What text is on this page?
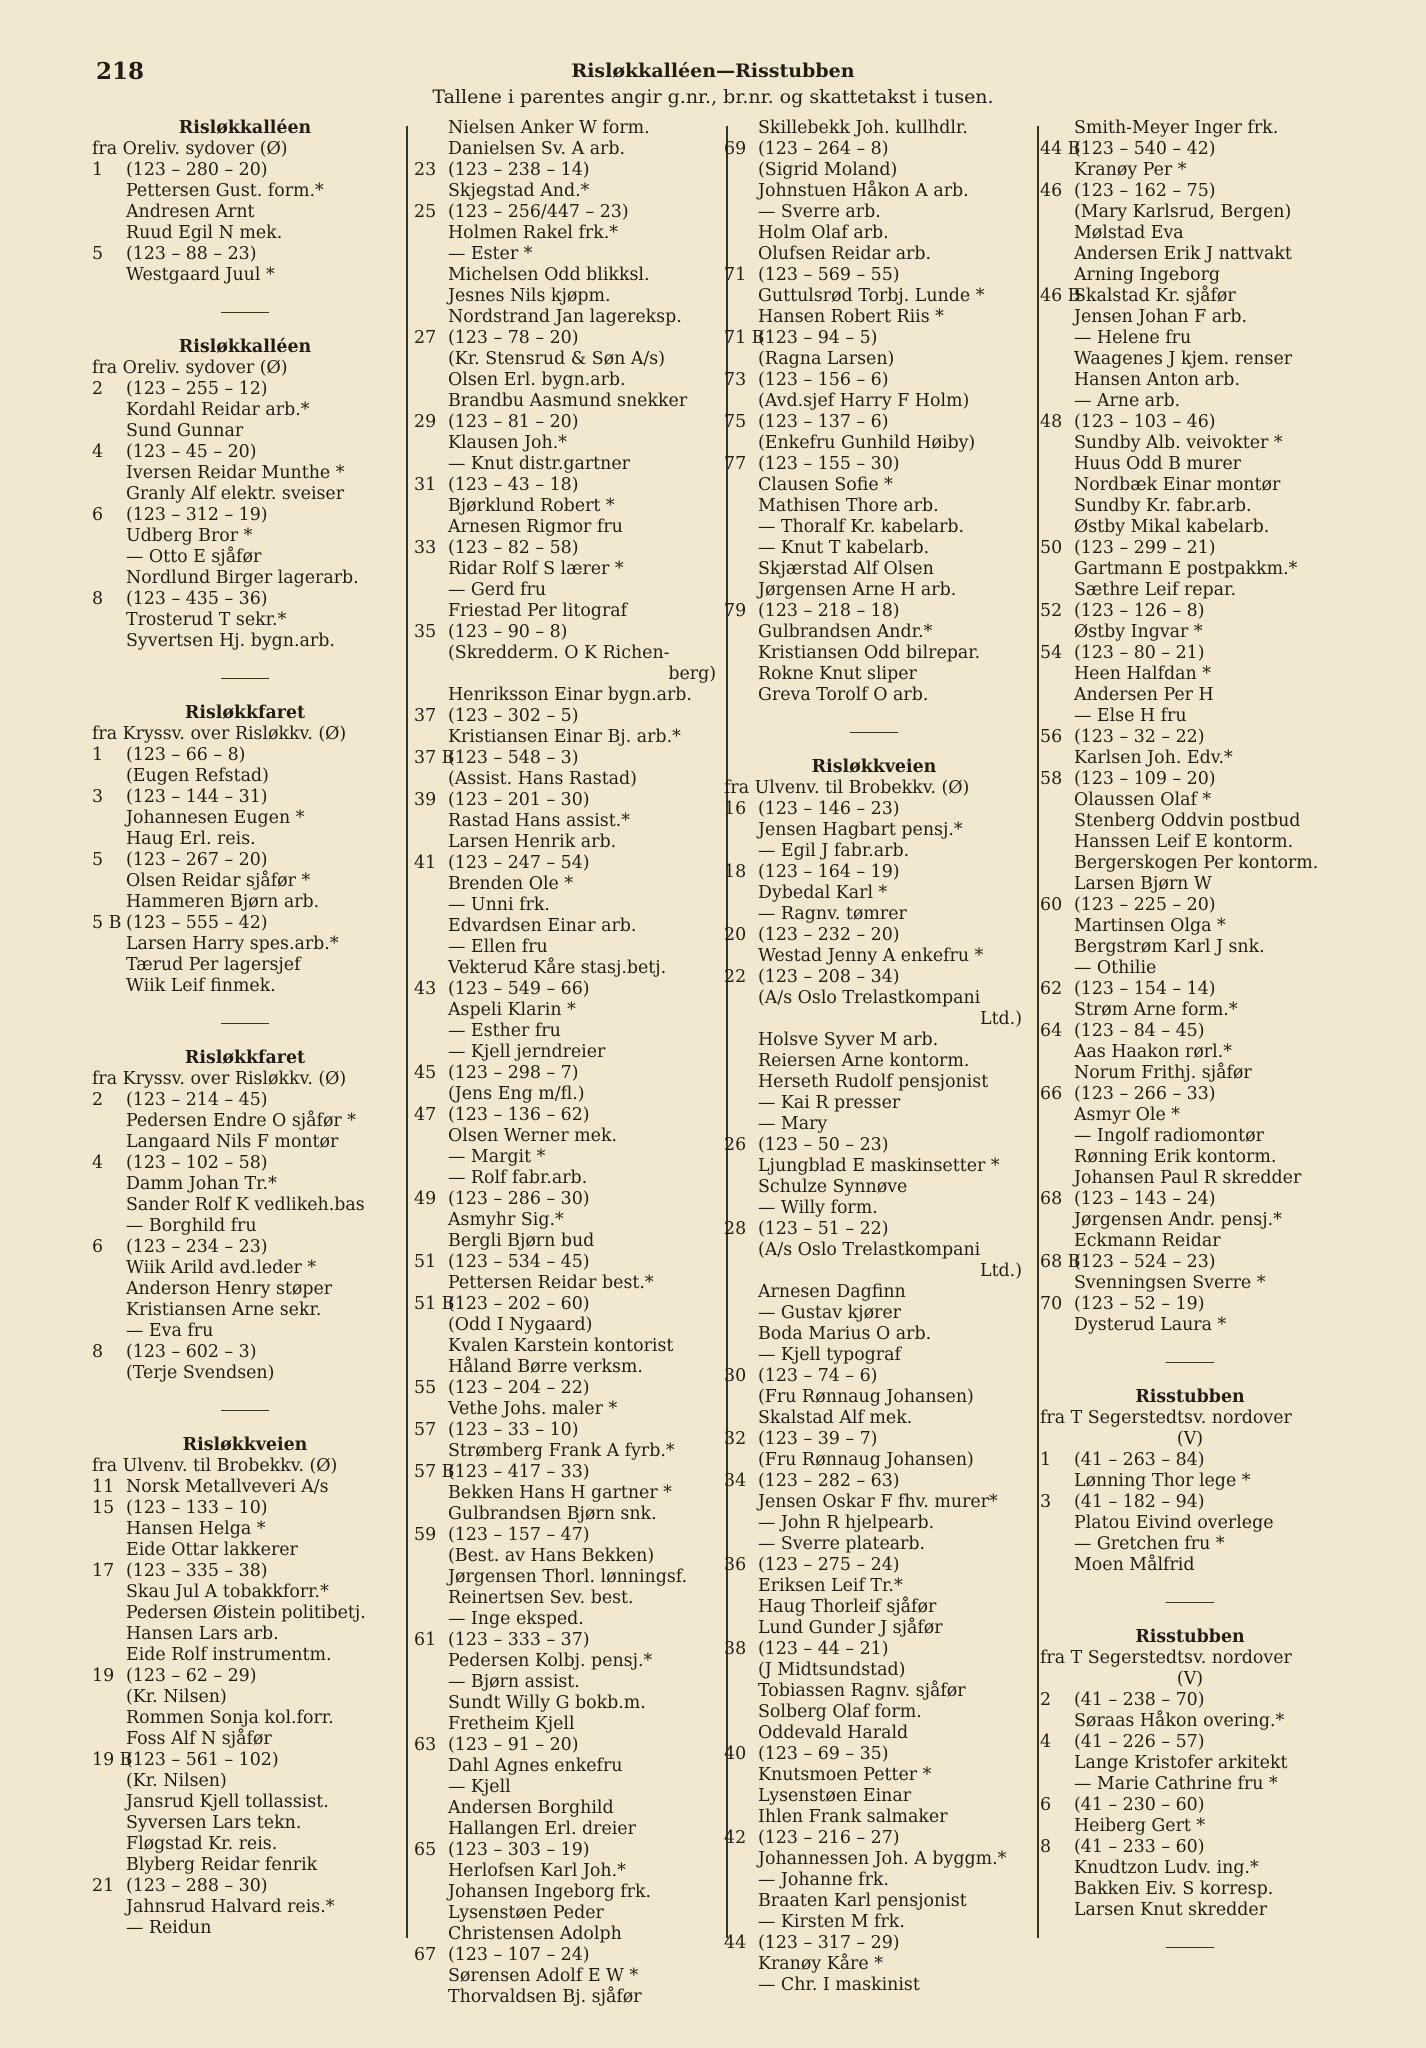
218	Risløkkalléen—Risstubben
Tallene i parentes angir g.nr., br.nr. og skattetakst i tusen.
Risløkkalléen
fra Oreliv. sydover (Ø)
1 (123 – 280 – 20)
Pettersen Gust. form.*
Andresen Arnt
Ruud Egil N mek.
5 (123 – 88 – 23)
Westgaard Juul *
Risløkkalléen
fra Oreliv. sydover (Ø)
2 (123 – 255 – 12)
Kordahl Reidar arb.*
Sund Gunnar
4 (123 – 45 – 20)
Iversen Reidar Munthe *
Granly Alf elektr. sveiser
6 (123 – 312 – 19)
Udberg Bror *
— Otto E sjåfør
Nordlund Birger lagerarb.
8 (123 – 435 – 36)
Trosterud T sekr.*
Syvertsen Hj. bygn.arb.
Risløkkfaret
fra Kryssv. over Risløkkv. (Ø)
1 (123 – 66 – 8)
(Eugen Refstad)
3 (123 – 144 – 31)
Johannesen Eugen *
Haug Erl. reis.
5 (123 – 267 – 20)
Olsen Reidar sjåfør *
Hammeren Bjørn arb.
5 B (123 – 555 – 42)
Larsen Harry spes.arb.*
Tærud Per lagersjef
Wiik Leif finmek.
Risløkkfaret
fra Kryssv. over Risløkkv. (Ø)
2 (123 – 214 – 45)
Pedersen Endre O sjåfør *
Langaard Nils F montør
4 (123 – 102 – 58)
Damm Johan Tr.*
Sander Rolf K vedlikeh.bas
— Borghild fru
6 (123 – 234 – 23)
Wiik Arild avd.leder *
Anderson Henry støper
Kristiansen Arne sekr.
— Eva fru
8 (123 – 602 – 3)
(Terje Svendsen)
Risløkkveien
fra Ulvenv. til Brobekkv. (Ø)
11 Norsk Metallveveri A/s
15 (123 – 133 – 10)
Hansen Helga *
Eide Ottar lakkerer
17 (123 – 335 – 38)
Skau Jul A tobakkforr.*
Pedersen Øistein politibetj.
Hansen Lars arb.
Eide Rolf instrumentm.
19 (123 – 62 – 29)
(Kr. Nilsen)
Rommen Sonja kol.forr.
Foss Alf N sjåfør
19 B(123 – 561 – 102)
(Kr. Nilsen)
Jansrud Kjell tollassist.
Syversen Lars tekn.
Fløgstad Kr. reis.
Blyberg Reidar fenrik
21 (123 – 288 – 30)
Jahnsrud Halvard reis.*
— Reidun
Nielsen Anker W form.
Danielsen Sv. A arb.
23 (123 – 238 – 14)
Skjegstad And.*
25 (123 – 256/447 – 23)
Holmen Rakel frk.*
— Ester *
Michelsen Odd blikksl.
Jesnes Nils kjøpm.
Nordstrand Jan lagereksp.
27 (123 – 78 – 20)
(Kr. Stensrud & Søn A/s)
Olsen Erl. bygn.arb.
Brandbu Aasmund snekker
29 (123 – 81 – 20)
Klausen Joh.*
— Knut distr.gartner
31 (123 – 43 – 18)
Bjørklund Robert *
Arnesen Rigmor fru
33 (123 – 82 – 58)
Ridar Rolf S lærer *
— Gerd fru
Friestad Per litograf
35 (123 – 90 – 8)
(Skredderm. O K Richen-
berg)
Henriksson Einar bygn.arb.
37 (123 – 302 – 5)
Kristiansen Einar Bj. arb.*
37 B(123 – 548 – 3)
(Assist. Hans Rastad)
39 (123 – 201 – 30)
Rastad Hans assist.*
Larsen Henrik arb.
41 (123 – 247 – 54)
Brenden Ole *
— Unni frk.
Edvardsen Einar arb.
— Ellen fru
Vekterud Kåre stasj.betj.
43 (123 – 549 – 66)
Aspeli Klarin *
— Esther fru
— Kjell jerndreier
45 (123 – 298 – 7)
(Jens Eng m/fl.)
47 (123 – 136 – 62)
Olsen Werner mek.
— Margit *
— Rolf fabr.arb.
49 (123 – 286 – 30)
Asmyhr Sig.*
Bergli Bjørn bud
51 (123 – 534 – 45)
Pettersen Reidar best.*
51 B(123 – 202 – 60)
(Odd I Nygaard)
Kvalen Karstein kontorist
Håland Børre verksm.
55 (123 – 204 – 22)
Vethe Johs. maler *
57 (123 – 33 – 10)
Strømberg Frank A fyrb.*
57 B(123 – 417 – 33)
Bekken Hans H gartner *
Gulbrandsen Bjørn snk.
59 (123 – 157 – 47)
(Best. av Hans Bekken)
Jørgensen Thorl. lønningsf.
Reinertsen Sev. best.
— Inge eksped.
61 (123 – 333 – 37)
Pedersen Kolbj. pensj.*
— Bjørn assist.
Sundt Willy G bokb.m.
Fretheim Kjell
63 (123 – 91 – 20)
Dahl Agnes enkefru
— Kjell
Andersen Borghild
Hallangen Erl. dreier
65 (123 – 303 – 19)
Herlofsen Karl Joh.*
Johansen Ingeborg frk.
Lysenstøen Peder
Christensen Adolph
67 (123 – 107 – 24)
Sørensen Adolf E W *
Thorvaldsen Bj. sjåfør
Skillebekk Joh. kullhdlr.
69 (123 – 264 – 8)
(Sigrid Moland)
Johnstuen Håkon A arb.
— Sverre arb.
Holm Olaf arb.
Olufsen Reidar arb.
71 (123 – 569 – 55)
Guttulsrød Torbj. Lunde *
Hansen Robert Riis *
71 B(123 – 94 – 5)
(Ragna Larsen)
73 (123 – 156 – 6)
(Avd.sjef Harry F Holm)
75 (123 – 137 – 6)
(Enkefru Gunhild Høiby)
77 (123 – 155 – 30)
Clausen Sofie *
Mathisen Thore arb.
— Thoralf Kr. kabelarb.
— Knut T kabelarb.
Skjærstad Alf Olsen
Jørgensen Arne H arb.
79 (123 – 218 – 18)
Gulbrandsen Andr.*
Kristiansen Odd bilrepar.
Rokne Knut sliper
Greva Torolf O arb.
Risløkkveien
fra Ulvenv. til Brobekkv. (Ø)
16 (123 – 146 – 23)
Jensen Hagbart pensj.*
— Egil J fabr.arb.
18 (123 – 164 – 19)
Dybedal Karl *
— Ragnv. tømrer
20 (123 – 232 – 20)
Westad Jenny A enkefru *
22 (123 – 208 – 34)
(A/s Oslo Trelastkompani
Ltd.)
Holsve Syver M arb.
Reiersen Arne kontorm.
Herseth Rudolf pensjonist
— Kai R presser
— Mary
26 (123 – 50 – 23)
Ljungblad E maskinsetter *
Schulze Synnøve
— Willy form.
28 (123 – 51 – 22)
(A/s Oslo Trelastkompani
Ltd.)
Arnesen Dagfinn
— Gustav kjører
Boda Marius O arb.
— Kjell typograf
30 (123 – 74 – 6)
(Fru Rønnaug Johansen)
Skalstad Alf mek.
32 (123 – 39 – 7)
(Fru Rønnaug Johansen)
34 (123 – 282 – 63)
Jensen Oskar F fhv. murer*
— John R hjelpearb.
— Sverre platearb.
36 (123 – 275 – 24)
Eriksen Leif Tr.*
Haug Thorleif sjåfør
Lund Gunder J sjåfør
38 (123 – 44 – 21)
(J Midtsundstad)
Tobiassen Ragnv. sjåfør
Solberg Olaf form.
Oddevald Harald
40 (123 – 69 – 35)
Knutsmoen Petter *
Lysenstøen Einar
Ihlen Frank salmaker
42 (123 – 216 – 27)
Johannessen Joh. A byggm.*
— Johanne frk.
Braaten Karl pensjonist
— Kirsten M frk.
44 (123 – 317 – 29)
Kranøy Kåre *
— Chr. I maskinist
Smith-Meyer Inger frk.
44 B(123 – 540 – 42)
Kranøy Per *
46 (123 – 162 – 75)
(Mary Karlsrud, Bergen)
Mølstad Eva
Andersen Erik J nattvakt
Arning Ingeborg
46 BSkalstad Kr. sjåfør
Jensen Johan F arb.
— Helene fru
Waagenes J kjem. renser
Hansen Anton arb.
— Arne arb.
48 (123 – 103 – 46)
Sundby Alb. veivokter *
Huus Odd B murer
Nordbæk Einar montør
Sundby Kr. fabr.arb.
Østby Mikal kabelarb.
50 (123 – 299 – 21)
Gartmann E postpakkm.*
Sæthre Leif repar.
52 (123 – 126 – 8)
Østby Ingvar *
54 (123 – 80 – 21)
Heen Halfdan *
Andersen Per H
— Else H fru
56 (123 – 32 – 22)
Karlsen Joh. Edv.*
58 (123 – 109 – 20)
Olaussen Olaf *
Stenberg Oddvin postbud
Hanssen Leif E kontorm.
Bergerskogen Per kontorm.
Larsen Bjørn W
60 (123 – 225 – 20)
Martinsen Olga *
Bergstrøm Karl J snk.
— Othilie
62 (123 – 154 – 14)
Strøm Arne form.*
64 (123 – 84 – 45)
Aas Haakon rørl.*
Norum Frithj. sjåfør
66 (123 – 266 – 33)
Asmyr Ole *
— Ingolf radiomontør
Rønning Erik kontorm.
Johansen Paul R skredder
68 (123 – 143 – 24)
Jørgensen Andr. pensj.*
Eckmann Reidar
68 B(123 – 524 – 23)
Svenningsen Sverre *
70 (123 – 52 – 19)
Dysterud Laura *
Risstubben
fra T Segerstedtsv. nordover
(V)
1 (41 – 263 – 84)
Lønning Thor lege *
3 (41 – 182 – 94)
Platou Eivind overlege
— Gretchen fru *
Moen Målfrid
Risstubben
fra T Segerstedtsv. nordover
(V)
2 (41 – 238 – 70)
Søraas Håkon overing.*
4 (41 – 226 – 57)
Lange Kristofer arkitekt
— Marie Cathrine fru *
6 (41 – 230 – 60)
Heiberg Gert *
8 (41 – 233 – 60)
Knudtzon Ludv. ing.*
Bakken Eiv. S korresp.
Larsen Knut skredder
